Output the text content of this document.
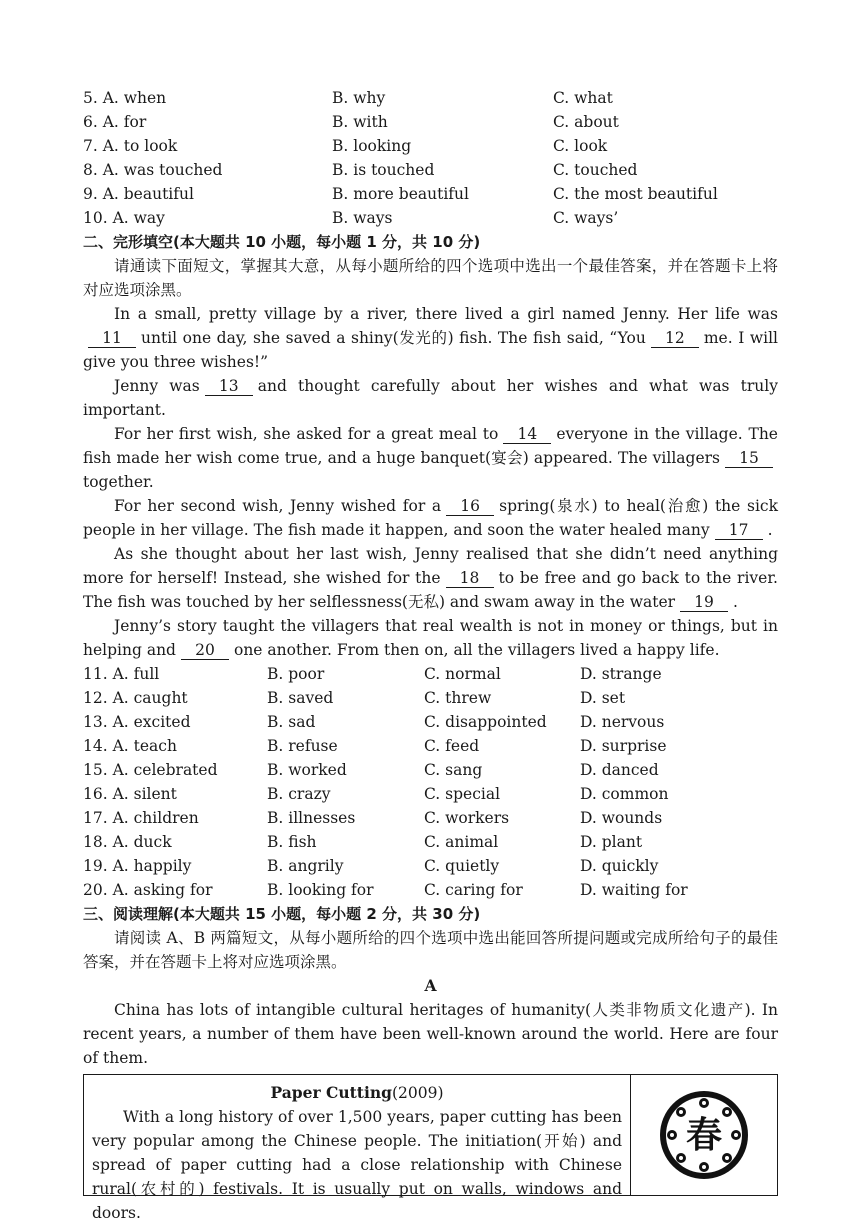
5. A. when	B. why	C. what
6. A. for	B. with	C. about
7. A. to look	B. looking	C. look
8. A. was touched	B. is touched	C. touched
9. A. beautiful	B. more beautiful	C. the most beautiful
10. A. way	B. ways	C. ways’
二、完形填空(本大题共 10 小题，每小题 1 分，共 10 分)

请通读下面短文，掌握其大意，从每小题所给的四个选项中选出一个最佳答案，并在答题卡上将对应选项涂黑。

In a small, pretty village by a river, there lived a girl named Jenny. Her life was11 until one day, she saved a shiny(发光的) fish. The fish said, “You 12 me. I will give you three wishes!”

Jenny was 13 and thought carefully about her wishes and what was truly important.

For her first wish, she asked for a great meal to 14 everyone in the village. The fish made her wish come true, and a huge banquet(宴会) appeared. The villagers 15together.

For her second wish, Jenny wished for a 16 spring(泉水) to heal(治愈) the sick people in her village. The fish made it happen, and soon the water healed many 17 .

As she thought about her last wish, Jenny realised that she didn’t need anything more for herself! Instead, she wished for the 18 to be free and go back to the river. The fish was touched by her selflessness(无私) and swam away in the water 19 .

Jenny’s story taught the villagers that real wealth is not in money or things, but in helping and 20 one another. From then on, all the villagers lived a happy life.

11. A. full	B. poor	C. normal	D. strange
12. A. caught	B. saved	C. threw	D. set
13. A. excited	B. sad	C. disappointed D. nervous
14. A. teach	B. refuse	C. feed	D. surprise
15. A. celebrated	B. worked	C. sang	D. danced
16. A. silent	B. crazy	C. special	D. common
17. A. children	B. illnesses	C. workers	D. wounds
18. A. duck	B. fish	C. animal	D. plant
19. A. happily	B. angrily	C. quietly	D. quickly
20. A. asking for	B. looking for	C. caring for	D. waiting for
三、阅读理解(本大题共 15 小题，每小题 2 分，共 30 分)

请阅读 A、B 两篇短文，从每小题所给的四个选项中选出能回答所提问题或完成所给句子的最佳答案，并在答题卡上将对应选项涂黑。

A

China has lots of intangible cultural heritages of humanity(人类非物质文化遗产). In recent years, a number of them have been well-known around the world. Here are four of them.

Paper Cutting(2009)

With a long history of over 1,500 years, paper cutting has been very popular among the Chinese people. The initiation(开始) and spread of paper cutting had a close relationship with Chinese rural(农村的) festivals. It is usually put on walls, windows and doors.

春
